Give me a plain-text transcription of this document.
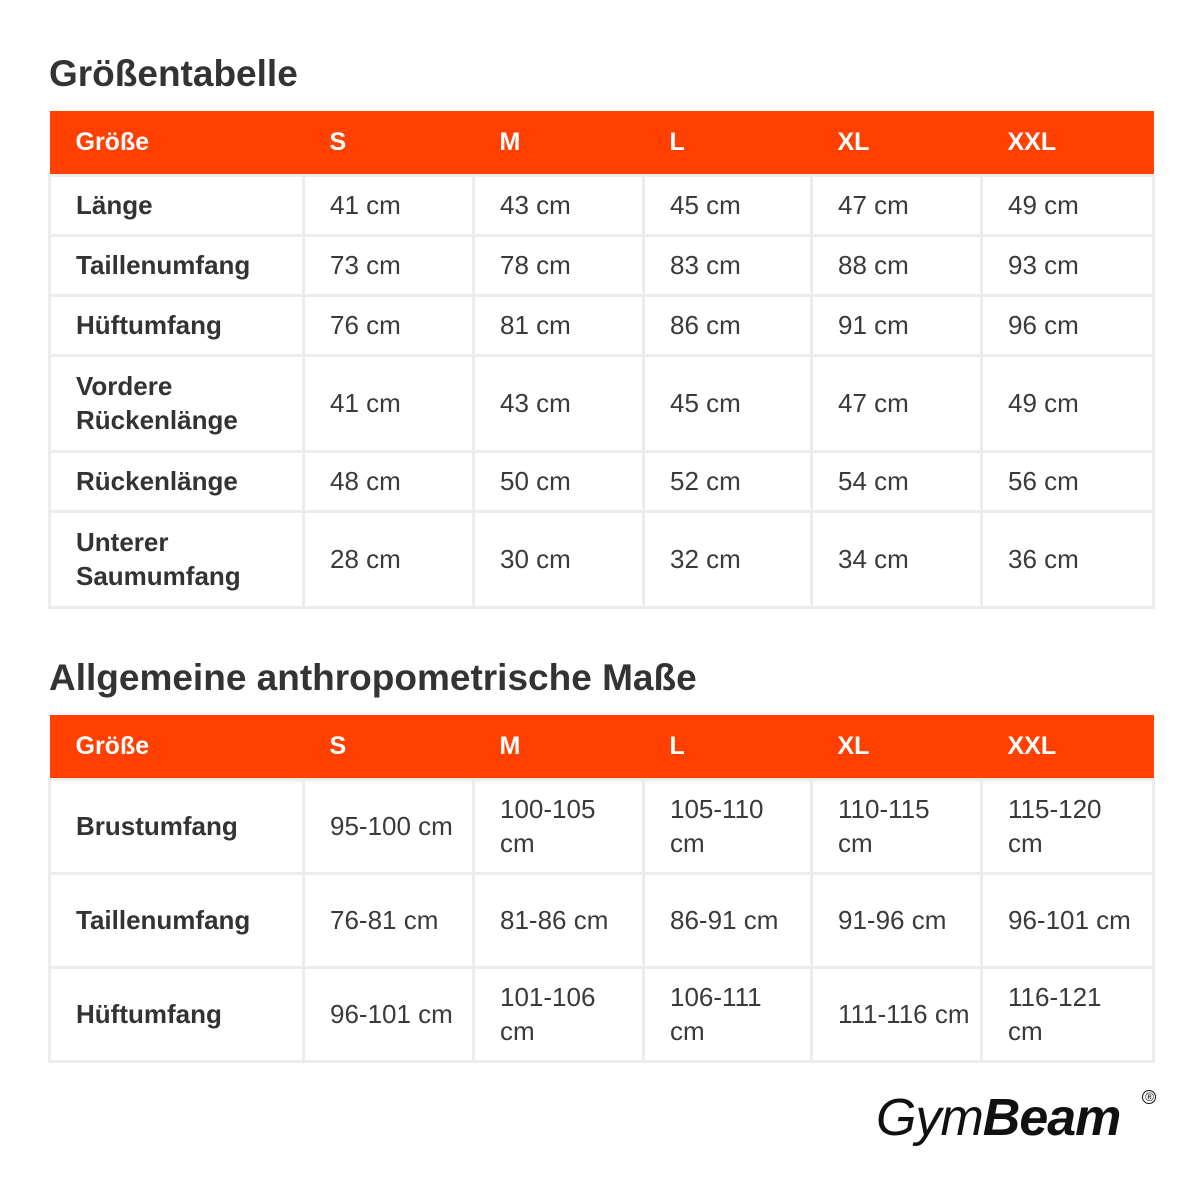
Größentabelle
Größe	S	M	L	XL	XXL
Länge	41 cm	43 cm	45 cm	47 cm	49 cm
Taillenumfang	73 cm	78 cm	83 cm	88 cm	93 cm
Hüftumfang	76 cm	81 cm	86 cm	91 cm	96 cm
Vordere Rückenlänge	41 cm	43 cm	45 cm	47 cm	49 cm
Rückenlänge	48 cm	50 cm	52 cm	54 cm	56 cm
Unterer Saumumfang	28 cm	30 cm	32 cm	34 cm	36 cm
Allgemeine anthropometrische Maße
Größe	S	M	L	XL	XXL
Brustumfang	95-100 cm	100-105 cm	105-110 cm	110-115 cm	115-120 cm
Taillenumfang	76-81 cm	81-86 cm	86-91 cm	91-96 cm	96-101 cm
Hüftumfang	96-101 cm	101-106 cm	106-111 cm	111-116 cm	116-121 cm
GymBeam ®
